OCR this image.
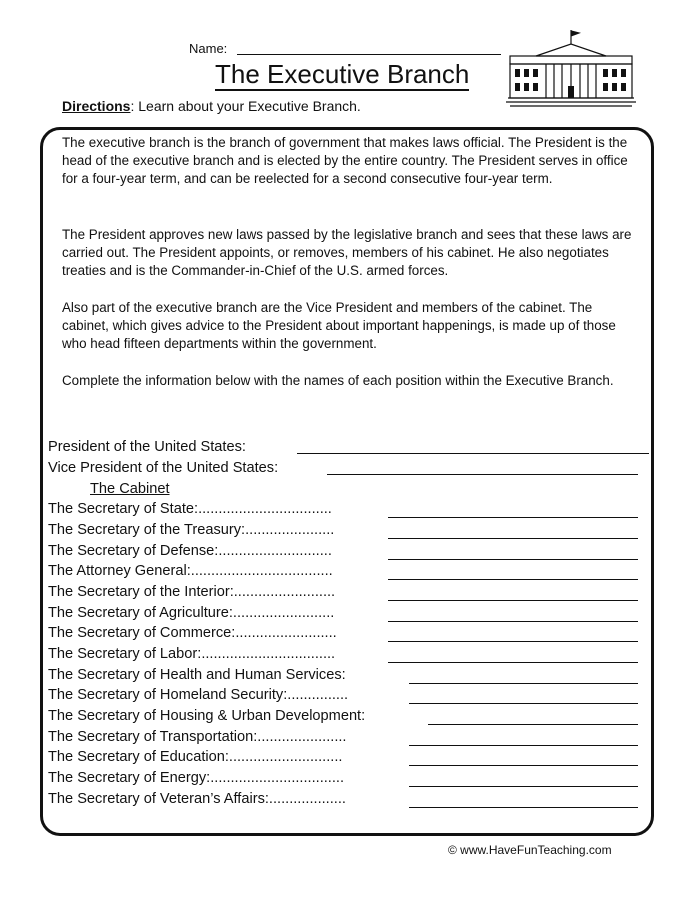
Name:
The Executive Branch
Directions: Learn about your Executive Branch.
The executive branch is the branch of government that makes laws official. The President is the head of the executive branch and is elected by the entire country. The President serves in office for a four-year term, and can be reelected for a second consecutive four-year term.
The President approves new laws passed by the legislative branch and sees that these laws are carried out. The President appoints, or removes, members of his cabinet. He also negotiates treaties and is the Commander-in-Chief of the U.S. armed forces.
Also part of the executive branch are the Vice President and members of the cabinet. The cabinet, which gives advice to the President about important happenings, is made up of those who head fifteen departments within the government.
Complete the information below with the names of each position within the Executive Branch.
President of the United States:
Vice President of the United States:
The Cabinet
The Secretary of State:.................................
The Secretary of the Treasury:......................
The Secretary of Defense:............................
The Attorney General:...................................
The Secretary of the Interior:.........................
The Secretary of Agriculture:.........................
The Secretary of Commerce:.........................
The Secretary of Labor:.................................
The Secretary of Health and Human Services:
The Secretary of Homeland Security:...............
The Secretary of Housing & Urban Development:
The Secretary of Transportation:......................
The Secretary of Education:............................
The Secretary of Energy:.................................
The Secretary of Veteran’s Affairs:...................
© www.HaveFunTeaching.com
